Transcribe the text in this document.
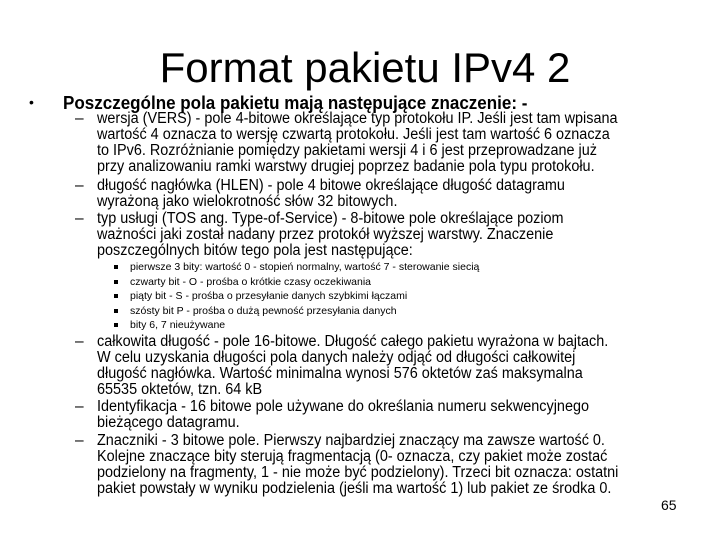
Format pakietu IPv4 2
• Poszczególne pola pakietu mają następujące znaczenie: -
– wersja (VERS) - pole 4-bitowe określające typ protokołu IP. Jeśli jest tam wpisana
wartość 4 oznacza to wersję czwartą protokołu. Jeśli jest tam wartość 6 oznacza
to IPv6. Rozróżnianie pomiędzy pakietami wersji 4 i 6 jest przeprowadzane już
przy analizowaniu ramki warstwy drugiej poprzez badanie pola typu protokołu.
– długość nagłówka (HLEN) - pole 4 bitowe określające długość datagramu
wyrażoną jako wielokrotność słów 32 bitowych.
– typ usługi (TOS ang. Type-of-Service) - 8-bitowe pole określające poziom
ważności jaki został nadany przez protokół wyższej warstwy. Znaczenie
poszczególnych bitów tego pola jest następujące:
– całkowita długość - pole 16-bitowe. Długość całego pakietu wyrażona w bajtach.
W celu uzyskania długości pola danych należy odjąć od długości całkowitej
długość nagłówka. Wartość minimalna wynosi 576 oktetów zaś maksymalna
65535 oktetów, tzn. 64 kB
– Identyfikacja - 16 bitowe pole używane do określania numeru sekwencyjnego
bieżącego datagramu.
– Znaczniki - 3 bitowe pole. Pierwszy najbardziej znaczący ma zawsze wartość 0.
Kolejne znaczące bity sterują fragmentacją (0- oznacza, czy pakiet może zostać
podzielony na fragmenty, 1 - nie może być podzielony). Trzeci bit oznacza: ostatni
pakiet powstały w wyniku podzielenia (jeśli ma wartość 1) lub pakiet ze środka 0.
pierwsze 3 bity: wartość 0 - stopień normalny, wartość 7 - sterowanie siecią
czwarty bit - O - prośba o krótkie czasy oczekiwania
piąty bit - S - prośba o przesyłanie danych szybkimi łączami
szósty bit P - prośba o dużą pewność przesyłania danych
bity 6, 7 nieużywane
65
